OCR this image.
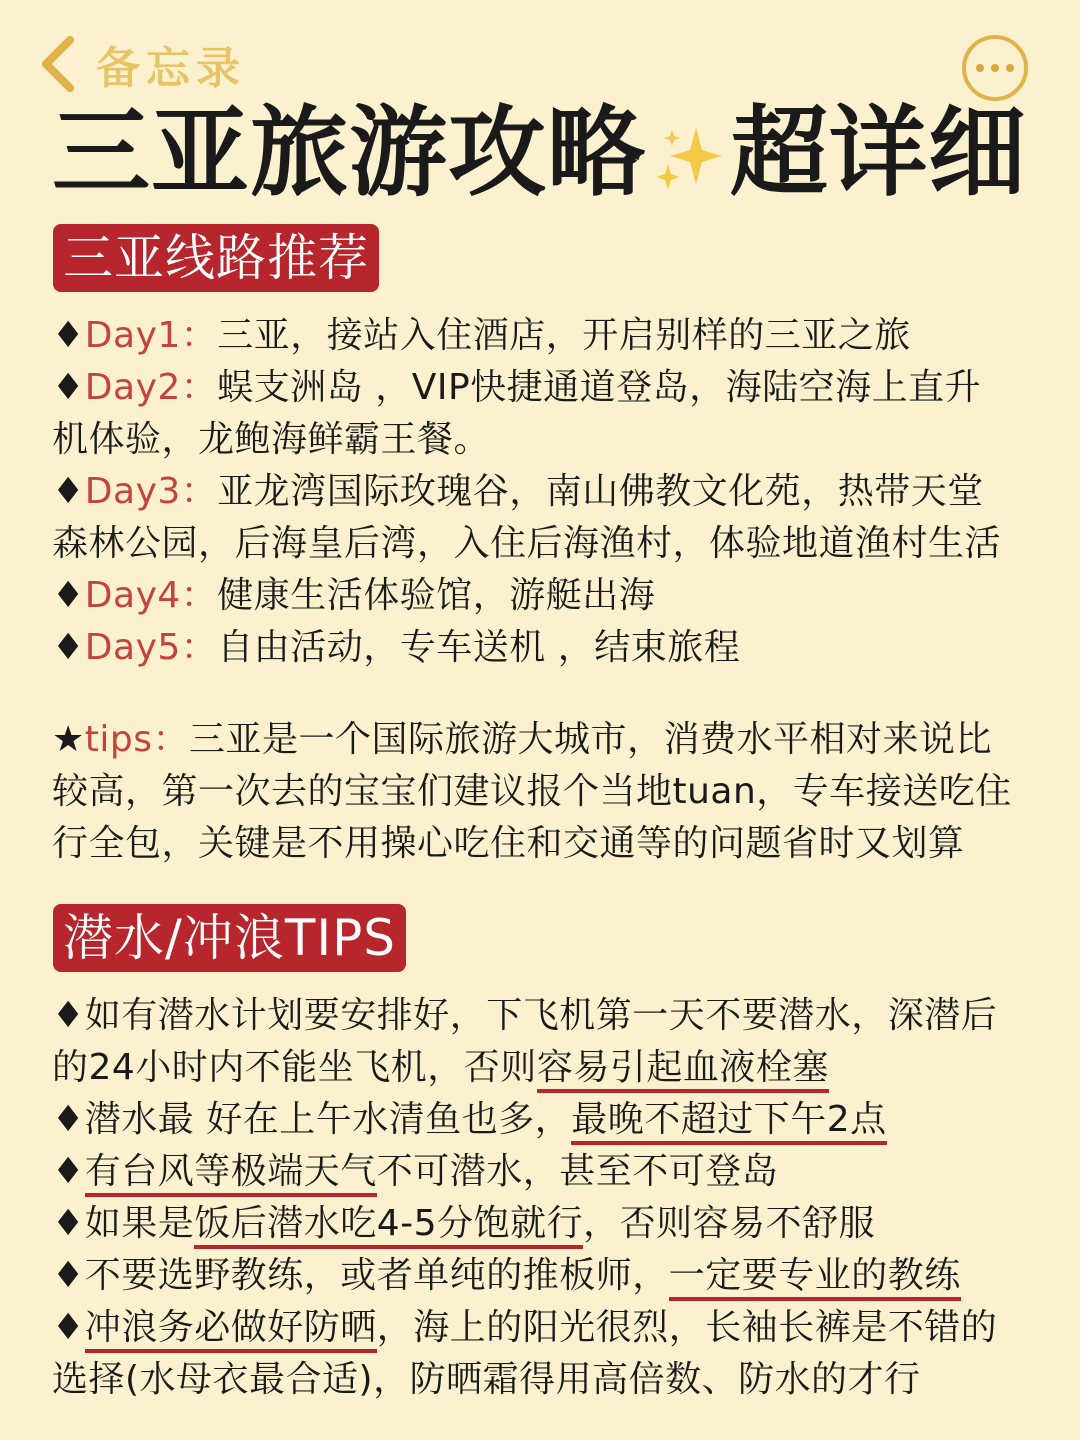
备忘录
三亚旅游攻略 超详细
三亚线路推荐
♦Day1：三亚，接站入住酒店，开启别样的三亚之旅
♦Day2：蜈支洲岛 ，VIP快捷通道登岛，海陆空海上直升
机体验，龙鲍海鲜霸王餐。
♦Day3：亚龙湾国际玫瑰谷，南山佛教文化苑，热带天堂
森林公园，后海皇后湾，入住后海渔村，体验地道渔村生活
♦Day4：健康生活体验馆，游艇出海
♦Day5：自由活动，专车送机 ，结束旅程
★tips：三亚是一个国际旅游大城市，消费水平相对来说比
较高，第一次去的宝宝们建议报个当地tuan，专车接送吃住
行全包，关键是不用操心吃住和交通等的问题省时又划算
潜水/冲浪TIPS
♦如有潜水计划要安排好，下飞机第一天不要潜水，深潜后
的24小时内不能坐飞机，否则容易引起血液栓塞
♦潜水最 好在上午水清鱼也多，最晚不超过下午2点
♦有台风等极端天气不可潜水，甚至不可登岛
♦如果是饭后潜水吃4-5分饱就行，否则容易不舒服
♦不要选野教练，或者单纯的推板师，一定要专业的教练
♦冲浪务必做好防晒，海上的阳光很烈，长袖长裤是不错的
选择(水母衣最合适)，防晒霜得用高倍数、防水的才行
